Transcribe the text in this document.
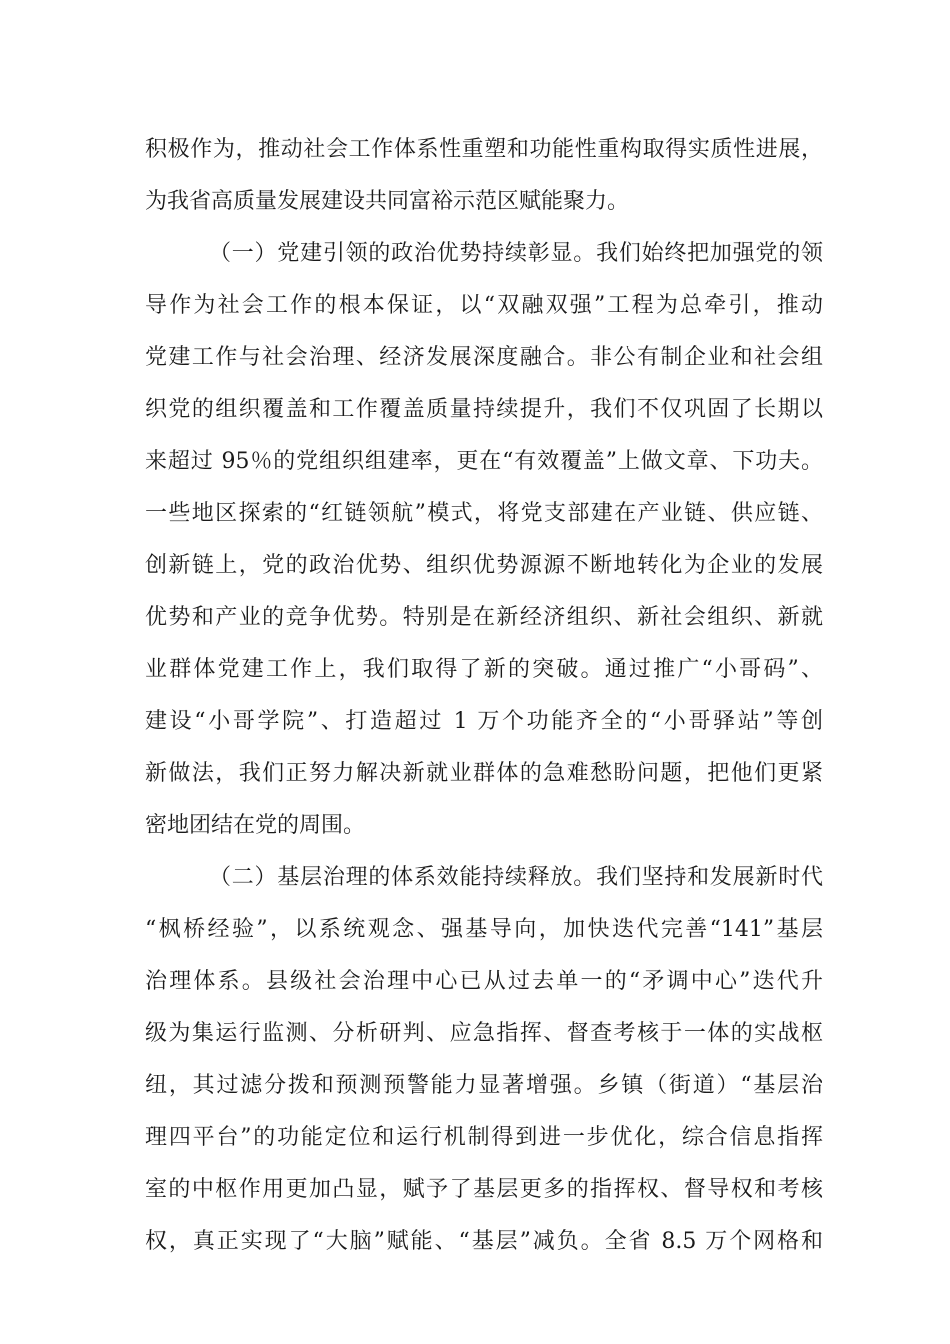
积极作为，推动社会工作体系性重塑和功能性重构取得实质性进展，
为我省高质量发展建设共同富裕示范区赋能聚力。
（一）党建引领的政治优势持续彰显。我们始终把加强党的领
导作为社会工作的根本保证，以“双融双强”工程为总牵引，推动
党建工作与社会治理、经济发展深度融合。非公有制企业和社会组
织党的组织覆盖和工作覆盖质量持续提升，我们不仅巩固了长期以
来超过 95％的党组织组建率，更在“有效覆盖”上做文章、下功夫。
一些地区探索的“红链领航”模式，将党支部建在产业链、供应链、
创新链上，党的政治优势、组织优势源源不断地转化为企业的发展
优势和产业的竞争优势。特别是在新经济组织、新社会组织、新就
业群体党建工作上，我们取得了新的突破。通过推广“小哥码”、
建设“小哥学院”、打造超过 1 万个功能齐全的“小哥驿站”等创
新做法，我们正努力解决新就业群体的急难愁盼问题，把他们更紧
密地团结在党的周围。
（二）基层治理的体系效能持续释放。我们坚持和发展新时代
“枫桥经验”，以系统观念、强基导向，加快迭代完善“141”基层
治理体系。县级社会治理中心已从过去单一的“矛调中心”迭代升
级为集运行监测、分析研判、应急指挥、督查考核于一体的实战枢
纽，其过滤分拨和预测预警能力显著增强。乡镇（街道）“基层治
理四平台”的功能定位和运行机制得到进一步优化，综合信息指挥
室的中枢作用更加凸显，赋予了基层更多的指挥权、督导权和考核
权，真正实现了“大脑”赋能、“基层”减负。全省 8.5 万个网格和
